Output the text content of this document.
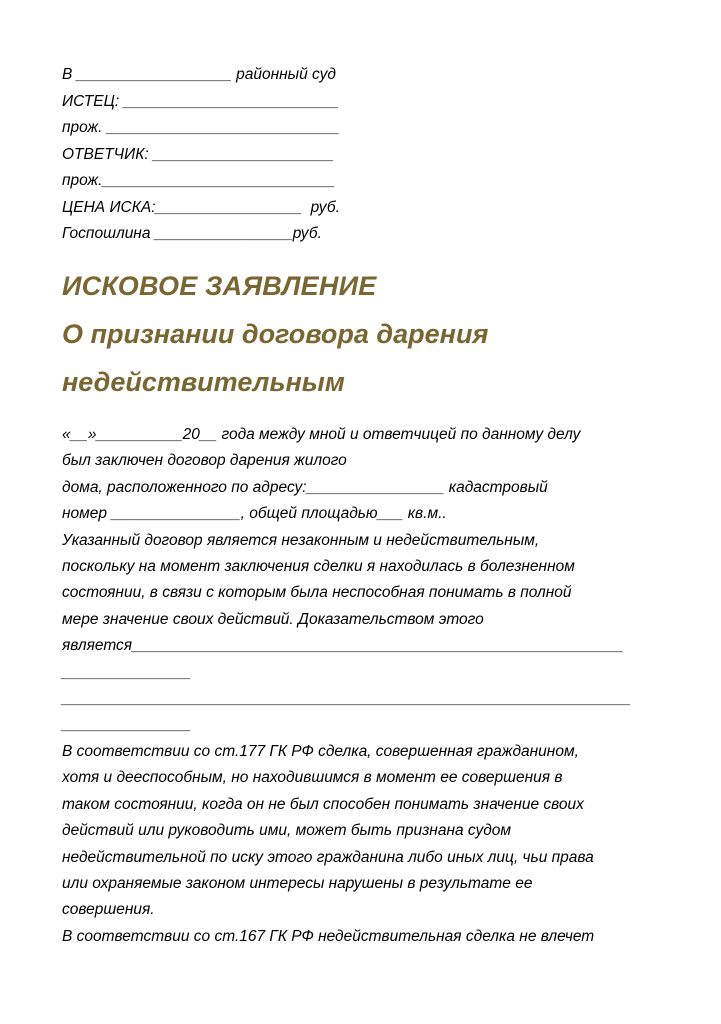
В __________________ районный суд
ИСТЕЦ: _________________________
прож. ___________________________
ОТВЕТЧИК: _____________________
прож.___________________________
ЦЕНА ИСКА:_________________  руб.
Госпошлина ________________руб.
ИСКОВОЕ ЗАЯВЛЕНИЕ
О признании договора дарения
недействительным
«__»__________20__ года между мной и ответчицей по данному делу
был заключен договор дарения жилого
дома, расположенного по адресу:________________ кадастровый
номер _______________, общей площадью___ кв.м..
Указанный договор является незаконным и недействительным,
поскольку на момент заключения сделки я находилась в болезненном
состоянии, в связи с которым была неспособная понимать в полной
мере значение своих действий. Доказательством этого
является_________________________________________________________
_______________
__________________________________________________________________
_______________
В соответствии со ст.177 ГК РФ сделка, совершенная гражданином,
хотя и дееспособным, но находившимся в момент ее совершения в
таком состоянии, когда он не был способен понимать значение своих
действий или руководить ими, может быть признана судом
недействительной по иску этого гражданина либо иных лиц, чьи права
или охраняемые законом интересы нарушены в результате ее
совершения.
В соответствии со ст.167 ГК РФ недействительная сделка не влечет
